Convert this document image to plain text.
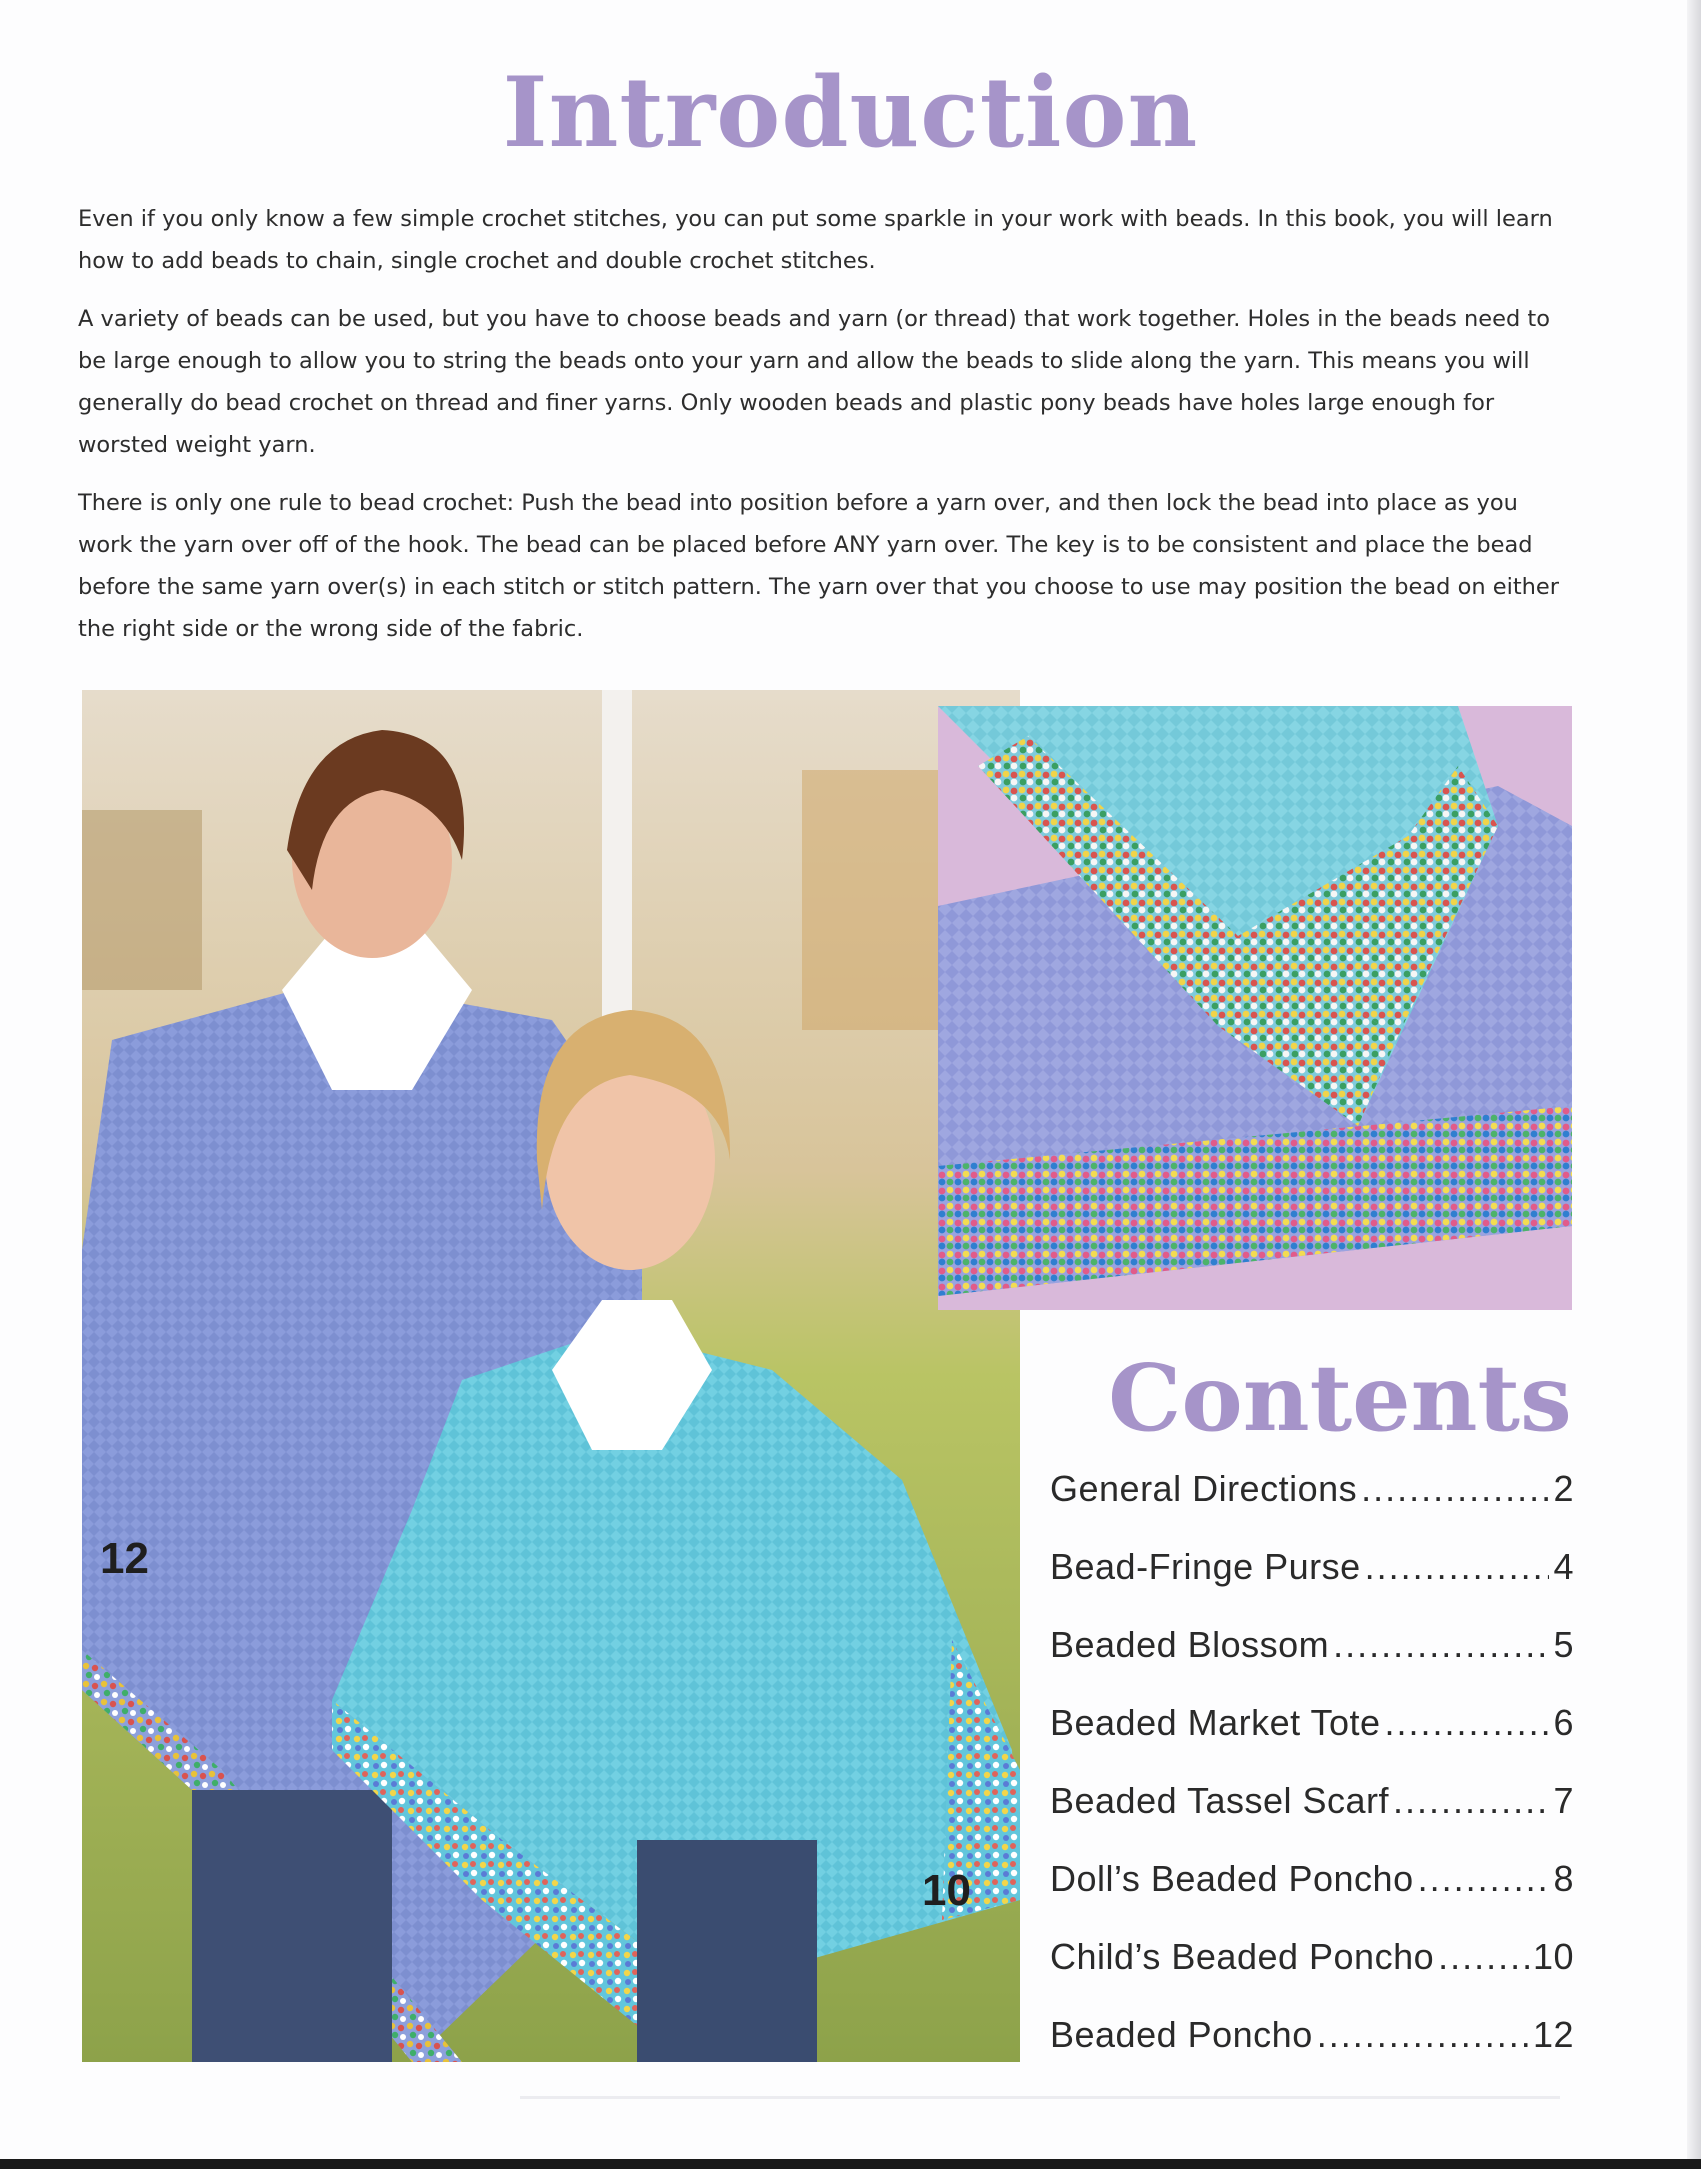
Introduction

Even if you only know a few simple crochet stitches, you can put some sparkle in your work with beads. In this book, you will learn how to add beads to chain, single crochet and double crochet stitches.

A variety of beads can be used, but you have to choose beads and yarn (or thread) that work together. Holes in the beads need to be large enough to allow you to string the beads onto your yarn and allow the beads to slide along the yarn. This means you will generally do bead crochet on thread and finer yarns. Only wooden beads and plastic pony beads have holes large enough for worsted weight yarn.

There is only one rule to bead crochet: Push the bead into position before a yarn over, and then lock the bead into place as you work the yarn over off of the hook. The bead can be placed before ANY yarn over. The key is to be consistent and place the bead before the same yarn over(s) in each stitch or stitch pattern. The yarn over that you choose to use may position the bead on either the right side or the wrong side of the fabric.

12
10
Contents
General Directions .....	2
Bead-Fringe Purse .....	4
Beaded Blossom .....	5
Beaded Market Tote .....	6
Beaded Tassel Scarf .....	7
Doll’s Beaded Poncho .....	8
Child’s Beaded Poncho .....	10
Beaded Poncho .....	12
